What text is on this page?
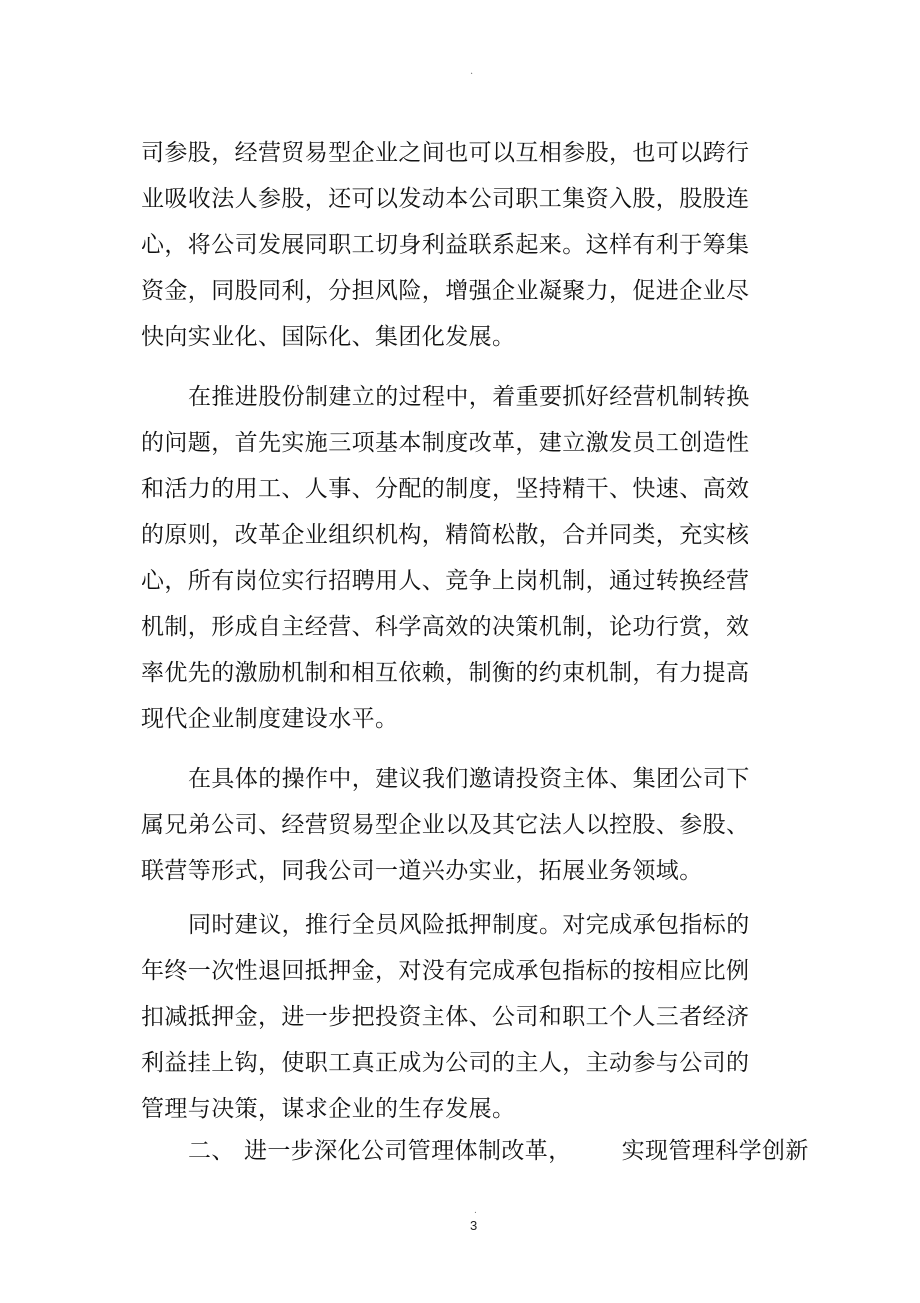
.
司参股，经营贸易型企业之间也可以互相参股，也可以跨行
业吸收法人参股，还可以发动本公司职工集资入股，股股连
心，将公司发展同职工切身利益联系起来。这样有利于筹集
资金，同股同利，分担风险，增强企业凝聚力，促进企业尽
快向实业化、国际化、集团化发展。
在推进股份制建立的过程中，着重要抓好经营机制转换
的问题，首先实施三项基本制度改革，建立激发员工创造性
和活力的用工、人事、分配的制度，坚持精干、快速、高效
的原则，改革企业组织机构，精简松散，合并同类，充实核
心，所有岗位实行招聘用人、竞争上岗机制，通过转换经营
机制，形成自主经营、科学高效的决策机制，论功行赏，效
率优先的激励机制和相互依赖，制衡的约束机制，有力提高
现代企业制度建设水平。
在具体的操作中，建议我们邀请投资主体、集团公司下
属兄弟公司、经营贸易型企业以及其它法人以控股、参股、
联营等形式，同我公司一道兴办实业，拓展业务领域。
同时建议，推行全员风险抵押制度。对完成承包指标的
年终一次性退回抵押金，对没有完成承包指标的按相应比例
扣减抵押金，进一步把投资主体、公司和职工个人三者经济
利益挂上钩，使职工真正成为公司的主人，主动参与公司的
管理与决策，谋求企业的生存发展。
二、 进一步深化公司管理体制改革， 实现管理科学创新
.
3
